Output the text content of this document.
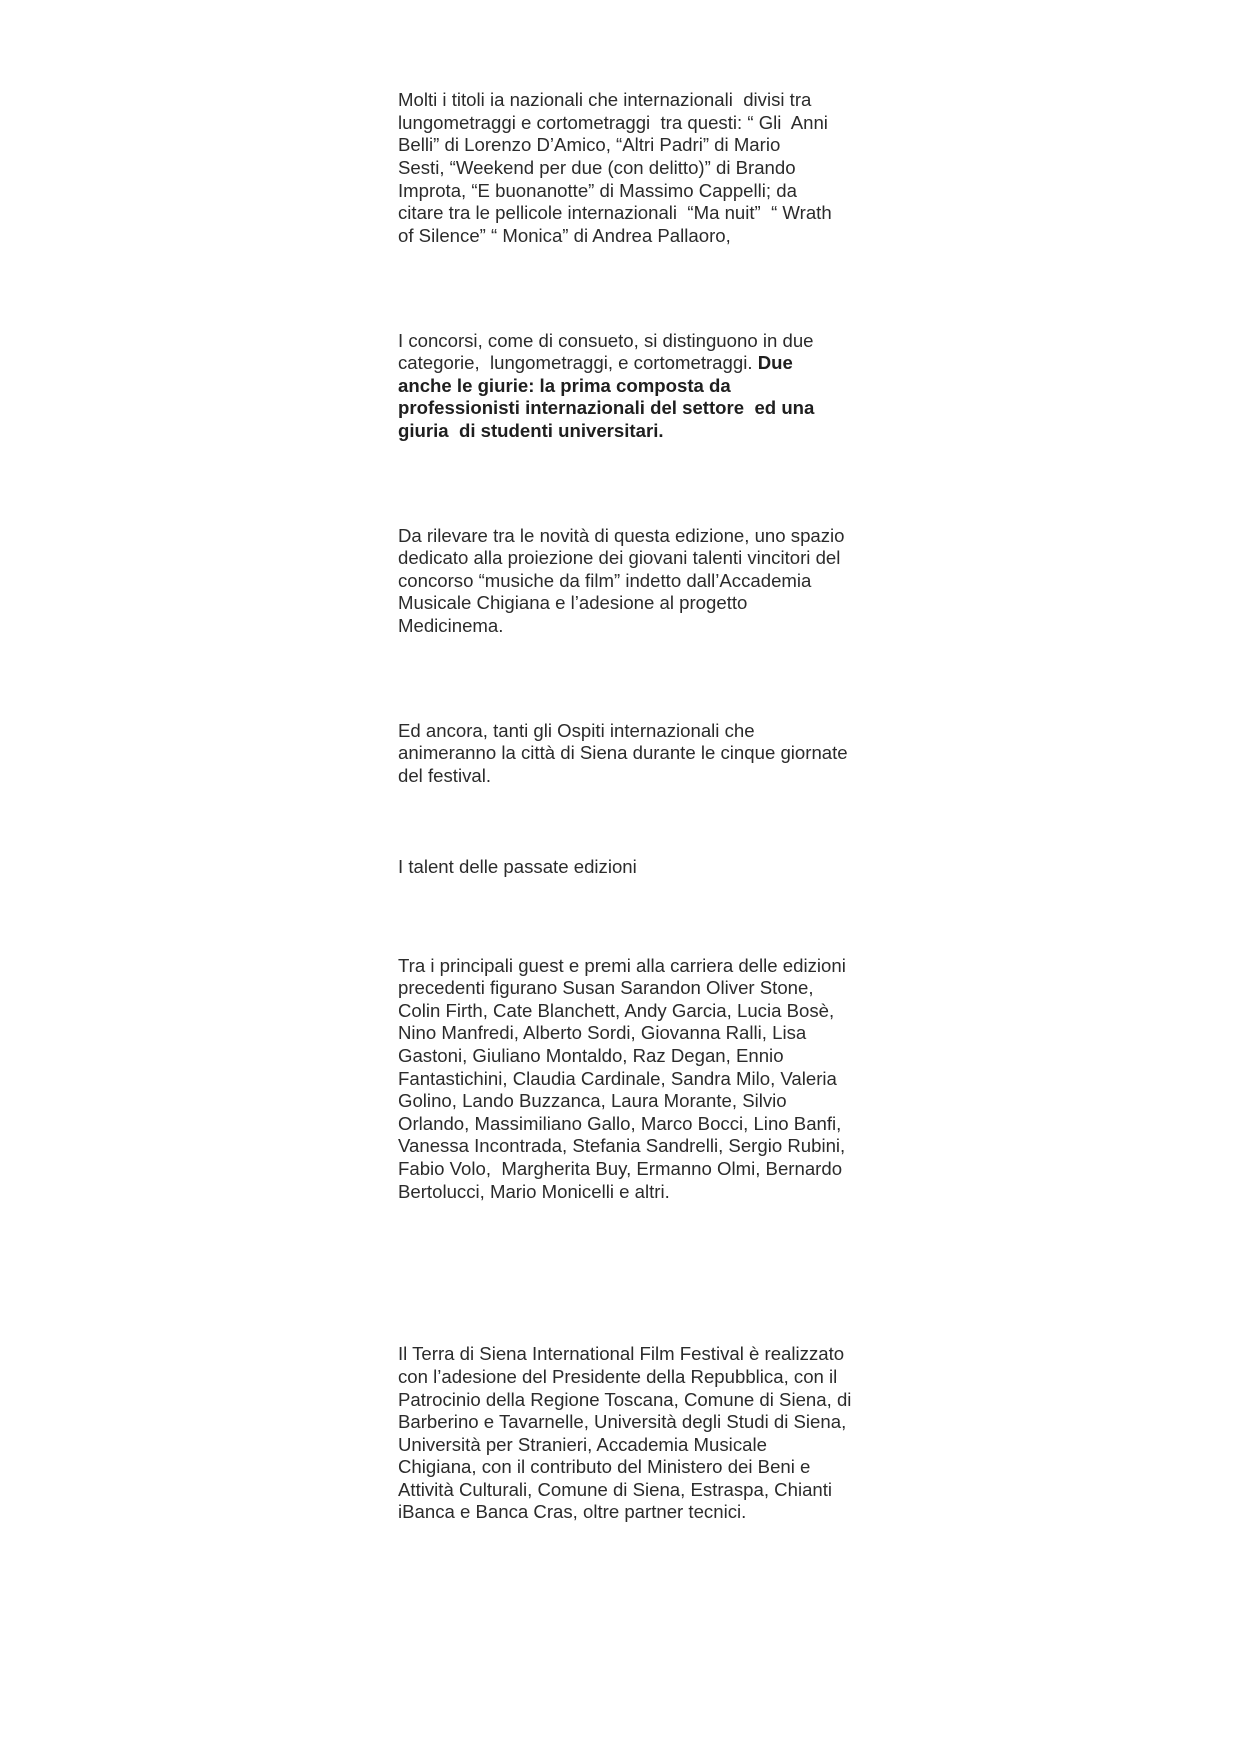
Molti i titoli ia nazionali che internazionali  divisi tra
lungometraggi e cortometraggi  tra questi: “ Gli  Anni
Belli” di Lorenzo D’Amico, “Altri Padri” di Mario
Sesti, “Weekend per due (con delitto)” di Brando
Improta, “E buonanotte” di Massimo Cappelli; da
citare tra le pellicole internazionali  “Ma nuit”  “ Wrath
of Silence” “ Monica” di Andrea Pallaoro,

I concorsi, come di consueto, si distinguono in due
categorie,  lungometraggi, e cortometraggi. Due
anche le giurie: la prima composta da
professionisti internazionali del settore  ed una
giuria  di studenti universitari.

Da rilevare tra le novità di questa edizione, uno spazio
dedicato alla proiezione dei giovani talenti vincitori del
concorso “musiche da film” indetto dall’Accademia
Musicale Chigiana e l’adesione al progetto
Medicinema.

Ed ancora, tanti gli Ospiti internazionali che
animeranno la città di Siena durante le cinque giornate
del festival.

I talent delle passate edizioni

Tra i principali guest e premi alla carriera delle edizioni
precedenti figurano Susan Sarandon Oliver Stone,
Colin Firth, Cate Blanchett, Andy Garcia, Lucia Bosè,
Nino Manfredi, Alberto Sordi, Giovanna Ralli, Lisa
Gastoni, Giuliano Montaldo, Raz Degan, Ennio
Fantastichini, Claudia Cardinale, Sandra Milo, Valeria
Golino, Lando Buzzanca, Laura Morante, Silvio
Orlando, Massimiliano Gallo, Marco Bocci, Lino Banfi,
Vanessa Incontrada, Stefania Sandrelli, Sergio Rubini,
Fabio Volo,  Margherita Buy, Ermanno Olmi, Bernardo
Bertolucci, Mario Monicelli e altri.

Il Terra di Siena International Film Festival è realizzato
con l’adesione del Presidente della Repubblica, con il
Patrocinio della Regione Toscana, Comune di Siena, di
Barberino e Tavarnelle, Università degli Studi di Siena,
Università per Stranieri, Accademia Musicale
Chigiana, con il contributo del Ministero dei Beni e
Attività Culturali, Comune di Siena, Estraspa, Chianti
iBanca e Banca Cras, oltre partner tecnici.
